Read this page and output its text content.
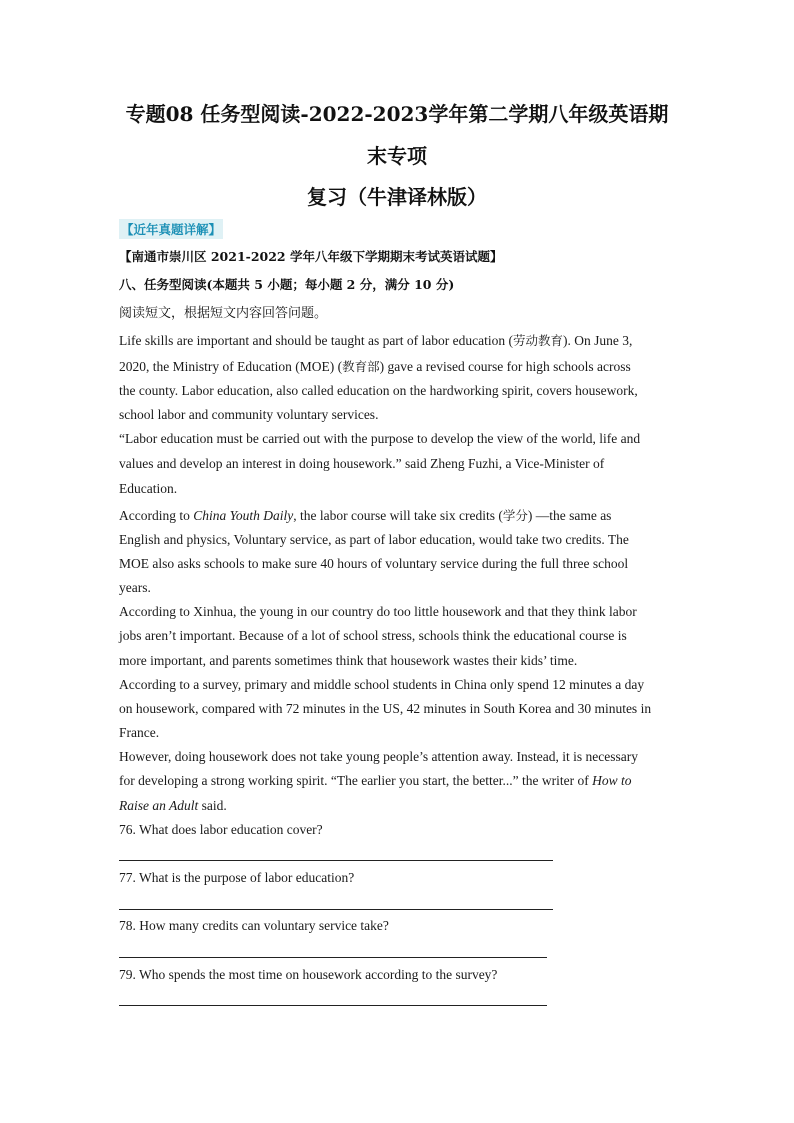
专题08 任务型阅读-2022-2023学年第二学期八年级英语期
末专项
复习（牛津译林版）
【近年真题详解】
【南通市崇川区 2021-2022 学年八年级下学期期末考试英语试题】
八、任务型阅读(本题共 5 小题；每小题 2 分，满分 10 分)
阅读短文，根据短文内容回答问题。
Life skills are important and should be taught as part of labor education (劳动教育). On June 3,
2020, the Ministry of Education (MOE) (教育部) gave a revised course for high schools across
the county. Labor education, also called education on the hardworking spirit, covers housework,
school labor and community voluntary services.
“Labor education must be carried out with the purpose to develop the view of the world, life and
values and develop an interest in doing housework.” said Zheng Fuzhi, a Vice-Minister of
Education.
According to China Youth Daily, the labor course will take six credits (学分) —the same as
English and physics, Voluntary service, as part of labor education, would take two credits. The
MOE also asks schools to make sure 40 hours of voluntary service during the full three school
years.
According to Xinhua, the young in our country do too little housework and that they think labor
jobs aren’t important. Because of a lot of school stress, schools think the educational course is
more important, and parents sometimes think that housework wastes their kids’ time.
According to a survey, primary and middle school students in China only spend 12 minutes a day
on housework, compared with 72 minutes in the US, 42 minutes in South Korea and 30 minutes in
France.
However, doing housework does not take young people’s attention away. Instead, it is necessary
for developing a strong working spirit. “The earlier you start, the better...” the writer of How to
Raise an Adult said.
76. What does labor education cover?
77. What is the purpose of labor education?
78. How many credits can voluntary service take?
79. Who spends the most time on housework according to the survey?
